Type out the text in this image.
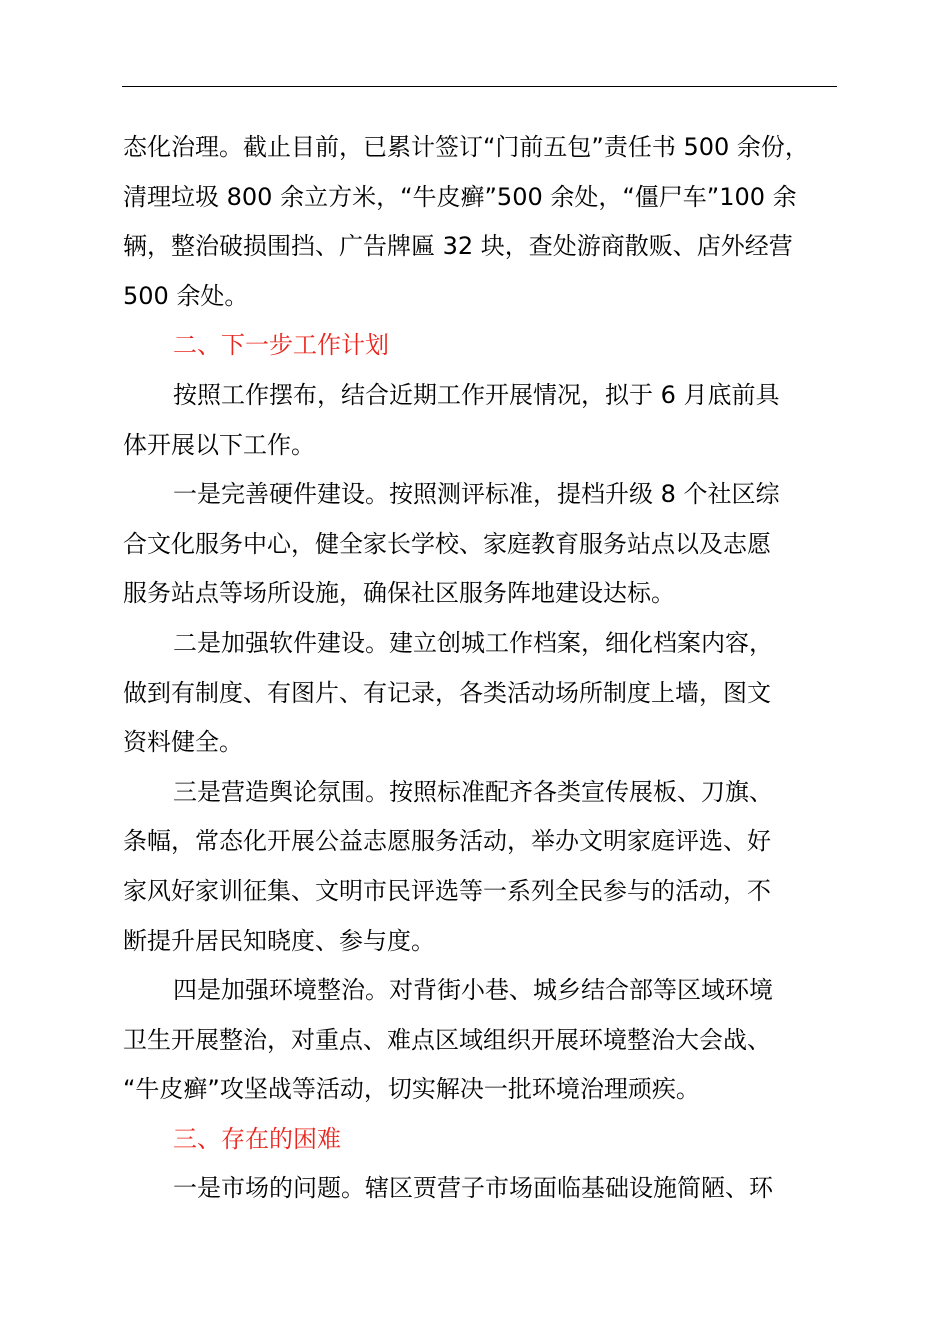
态化治理。截止目前，已累计签订“门前五包”责任书 500 余份，
清理垃圾 800 余立方米，“牛皮癣”500 余处，“僵尸车”100 余
辆，整治破损围挡、广告牌匾 32 块，查处游商散贩、店外经营
500 余处。
二、下一步工作计划
按照工作摆布，结合近期工作开展情况，拟于 6 月底前具
体开展以下工作。
一是完善硬件建设。按照测评标准，提档升级 8 个社区综
合文化服务中心，健全家长学校、家庭教育服务站点以及志愿
服务站点等场所设施，确保社区服务阵地建设达标。
二是加强软件建设。建立创城工作档案，细化档案内容，
做到有制度、有图片、有记录，各类活动场所制度上墙，图文
资料健全。
三是营造舆论氛围。按照标准配齐各类宣传展板、刀旗、
条幅，常态化开展公益志愿服务活动，举办文明家庭评选、好
家风好家训征集、文明市民评选等一系列全民参与的活动，不
断提升居民知晓度、参与度。
四是加强环境整治。对背街小巷、城乡结合部等区域环境
卫生开展整治，对重点、难点区域组织开展环境整治大会战、
“牛皮癣”攻坚战等活动，切实解决一批环境治理顽疾。
三、存在的困难
一是市场的问题。辖区贾营子市场面临基础设施简陋、环
